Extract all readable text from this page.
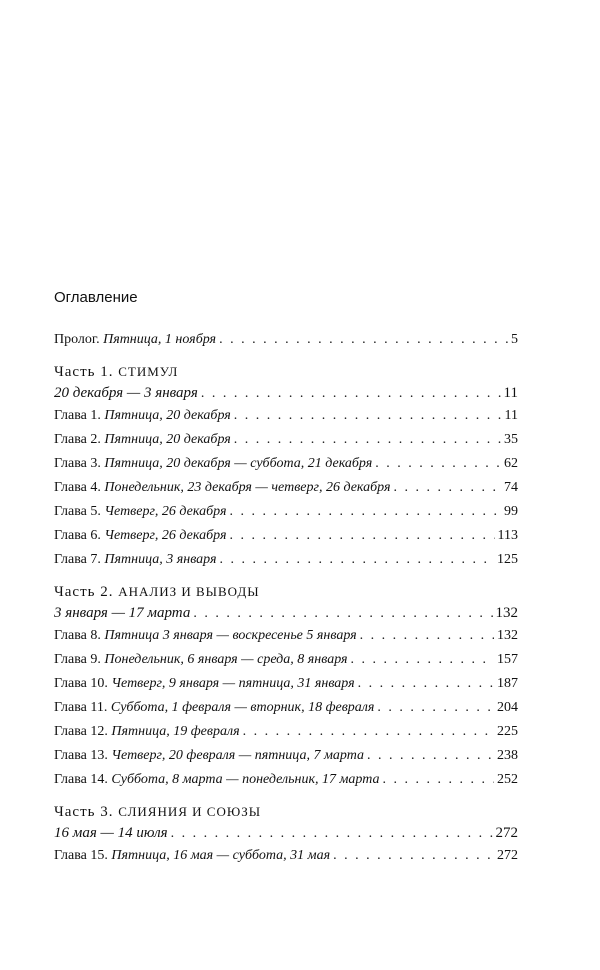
Оглавление
Пролог. Пятница, 1 ноября . . .	5
Часть 1. СТИМУЛ
20 декабря — 3 января . . .	11
Глава 1. Пятница, 20 декабря . . .	11
Глава 2. Пятница, 20 декабря . . .	35
Глава 3. Пятница, 20 декабря — суббота, 21 декабря . . .	62
Глава 4. Понедельник, 23 декабря — четверг, 26 декабря . . .	74
Глава 5. Четверг, 26 декабря . . .	99
Глава 6. Четверг, 26 декабря . . .	113
Глава 7. Пятница, 3 января . . .	125
Часть 2. АНАЛИЗ И ВЫВОДЫ
3 января — 17 марта . . .	132
Глава 8. Пятница 3 января — воскресенье 5 января . . .	132
Глава 9. Понедельник, 6 января — среда, 8 января . . .	157
Глава 10. Четверг, 9 января — пятница, 31 января . . .	187
Глава 11. Суббота, 1 февраля — вторник, 18 февраля . . .	204
Глава 12. Пятница, 19 февраля . . .	225
Глава 13. Четверг, 20 февраля — пятница, 7 марта . . .	238
Глава 14. Суббота, 8 марта — понедельник, 17 марта . . .	252
Часть 3. СЛИЯНИЯ И СОЮЗЫ
16 мая — 14 июля . . .	272
Глава 15. Пятница, 16 мая — суббота, 31 мая . . .	272
